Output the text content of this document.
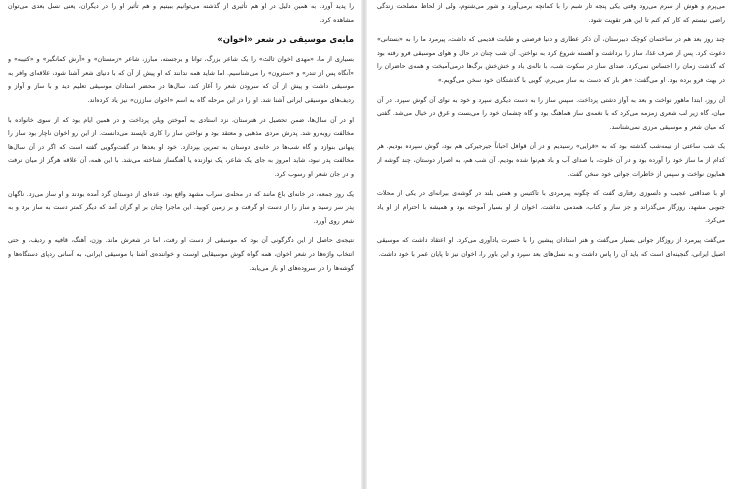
را پدید آورد. به همین دلیل در او هم تأثیری از گذشته می‌توانیم ببینیم و هم تأثیر او را در دیگران، یعنی نسل بعدی می‌توان مشاهده کرد.

مایه‌ی موسیقی در شعر «اخوان»

بسیاری از ما، «مهدی اخوان ثالث» را یک شاعر بزرگ، توانا و برجسته، مبارز، شاعر «زمستان» و «آرش کمانگیر» و «کتیبه» و «آنگاه پس از تندر» و «سترون» را می‌شناسیم. اما شاید همه ندانند که او پیش از آن که با دنیای شعر آشنا شود، علاقه‌ای وافر به موسیقی داشت و پیش از آن که سرودن شعر را آغاز کند، سال‌ها در محضر استادان موسیقی تعلیم دید و با ساز و آواز و ردیف‌های موسیقی ایرانی آشنا شد. او را در این مرحله گاه به اسم «اخوان ساززن» نیز یاد کرده‌اند.

او در آن سال‌ها، ضمن تحصیل در هنرستان، نزد استادی به آموختن ویلن پرداخت و در همین ایام بود که از سوی خانواده با مخالفت روبه‌رو شد. پدرش مردی مذهبی و معتقد بود و نواختن ساز را کاری ناپسند می‌دانست. از این رو اخوان ناچار بود ساز را پنهانی بنوازد و گاه شب‌ها در خانه‌ی دوستان به تمرین بپردازد. خود او بعدها در گفت‌وگویی گفته است که اگر در آن سال‌ها مخالفت پدر نبود، شاید امروز به جای یک شاعر، یک نوازنده یا آهنگساز شناخته می‌شد. با این همه، آن علاقه هرگز از میان نرفت و در جان شعر او رسوب کرد.

یک روز جمعه، در خانه‌ای باغ مانند که در محله‌ی سراب مشهد واقع بود، عده‌ای از دوستان گرد آمده بودند و او ساز می‌زد. ناگهان پدر سر رسید و ساز را از دست او گرفت و بر زمین کوبید. این ماجرا چنان بر او گران آمد که دیگر کمتر دست به ساز برد و به شعر روی آورد.

نتیجه‌ی حاصل از این دگرگونی آن بود که موسیقی از دست او رفت، اما در شعرش ماند. وزن، آهنگ، قافیه و ردیف، و حتی انتخاب واژه‌ها در شعر اخوان، همه گواه گوش موسیقایی اوست و خواننده‌ی آشنا با موسیقی ایرانی، به آسانی ردپای دستگاه‌ها و گوشه‌ها را در سروده‌های او باز می‌یابد.

می‌پرم و هوش از سرم می‌رود وقتی یکی پنجه تار شبم را با کمانچه برمی‌آورد و شور می‌شنوم، ولی از لحاظ مصلحت زندگی راضی نیستم که کار کم کنم تا این هنر تقویت شود.

چند روز بعد هم در ساختمان کوچک دبیرستان، آن ذکر عطاری و دنیا فرصتی و طبابت قدیمی که داشت، پیرمرد ما را به «بستانی» دعوت کرد. پس از صرف غذا، ساز را برداشت و آهسته شروع کرد به نواختن. آن شب چنان در حال و هوای موسیقی فرو رفته بود که گذشت زمان را احساس نمی‌کرد. صدای ساز در سکوت شب، با ناله‌ی باد و خش‌خش برگ‌ها درمی‌آمیخت و همه‌ی حاضران را در بهت فرو برده بود. او می‌گفت: «هر بار که دست به ساز می‌برم، گویی با گذشتگان خود سخن می‌گویم.»

آن روز، ابتدا ماهور نواخت و بعد به آواز دشتی پرداخت. سپس ساز را به دست دیگری سپرد و خود به نوای آن گوش سپرد. در آن میان، گاه زیر لب شعری زمزمه می‌کرد که با نغمه‌ی ساز هماهنگ بود و گاه چشمان خود را می‌بست و غرق در خیال می‌شد. گفتی که میان شعر و موسیقی مرزی نمی‌شناسد.

یک شب ساعتی از نیمه‌شب گذشته بود که به «قرایی» رسیدیم و در آن قوافل احیاناً جیرجیرکی هم بود، گوش سپرده بودیم. هر کدام از ما ساز خود را آورده بود و در آن خلوت، با صدای آب و باد هم‌نوا شده بودیم. آن شب هم، به اصرار دوستان، چند گوشه از همایون نواخت و سپس از خاطرات جوانی خود سخن گفت.

او با صداقتی عجیب و دلسوزی رفتاری گفت که چگونه پیرمردی با تاکتیس و همتی بلند در گوشه‌ی بیرانه‌ای در یکی از محلات جنوبی مشهد، روزگار می‌گذراند و جز ساز و کتاب، همدمی نداشت. اخوان از او بسیار آموخته بود و همیشه با احترام از او یاد می‌کرد.

می‌گفت پیرمرد از روزگار جوانی بسیار می‌گفت و هنر استادان پیشین را با حسرت یادآوری می‌کرد. او اعتقاد داشت که موسیقی اصیل ایرانی، گنجینه‌ای است که باید آن را پاس داشت و به نسل‌های بعد سپرد و این باور را، اخوان نیز تا پایان عمر با خود داشت.
